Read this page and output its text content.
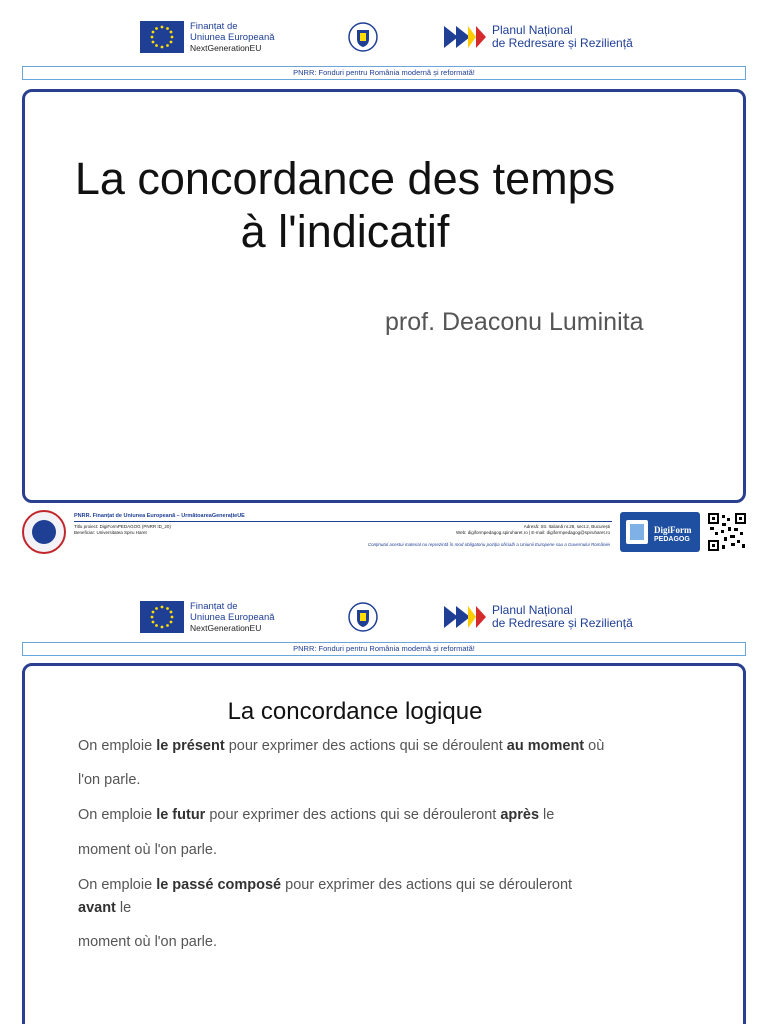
Finanțat de
Uniunea Europeană
NextGenerationEU
Planul Național
de Redresare și Reziliență
PNRR: Fonduri pentru România modernă și reformată!
La concordance des temps
à l'indicatif
prof. Deaconu Luminita
PNRR. Finanțat de Uniunea Europeană – UrmătoareaGenerațieUE
Titlu proiect: DigiFormPEDAGOG (PNRR ID_20)
Beneficiar: Universitatea Spiru Haret
Adresă: Str. Italiană nr.28, sect.2, București
Web: digiformpedagog.spiruharet.ro | E-mail: digiformpedagog@spiruharet.ro
Conținutul acestui material nu reprezintă în mod obligatoriu poziția oficială a Uniunii Europene sau a Guvernului României
DigiForm
PEDAGOG
Finanțat de
Uniunea Europeană
NextGenerationEU
Planul Național
de Redresare și Reziliență
PNRR: Fonduri pentru România modernă și reformată!
La concordance logique
On emploie le présent pour exprimer des actions qui se déroulent au moment où
l'on parle.
On emploie le futur pour exprimer des actions qui se dérouleront après le
moment où l'on parle.
On emploie le passé composé pour exprimer des actions qui se dérouleront
avant le
moment où l'on parle.
